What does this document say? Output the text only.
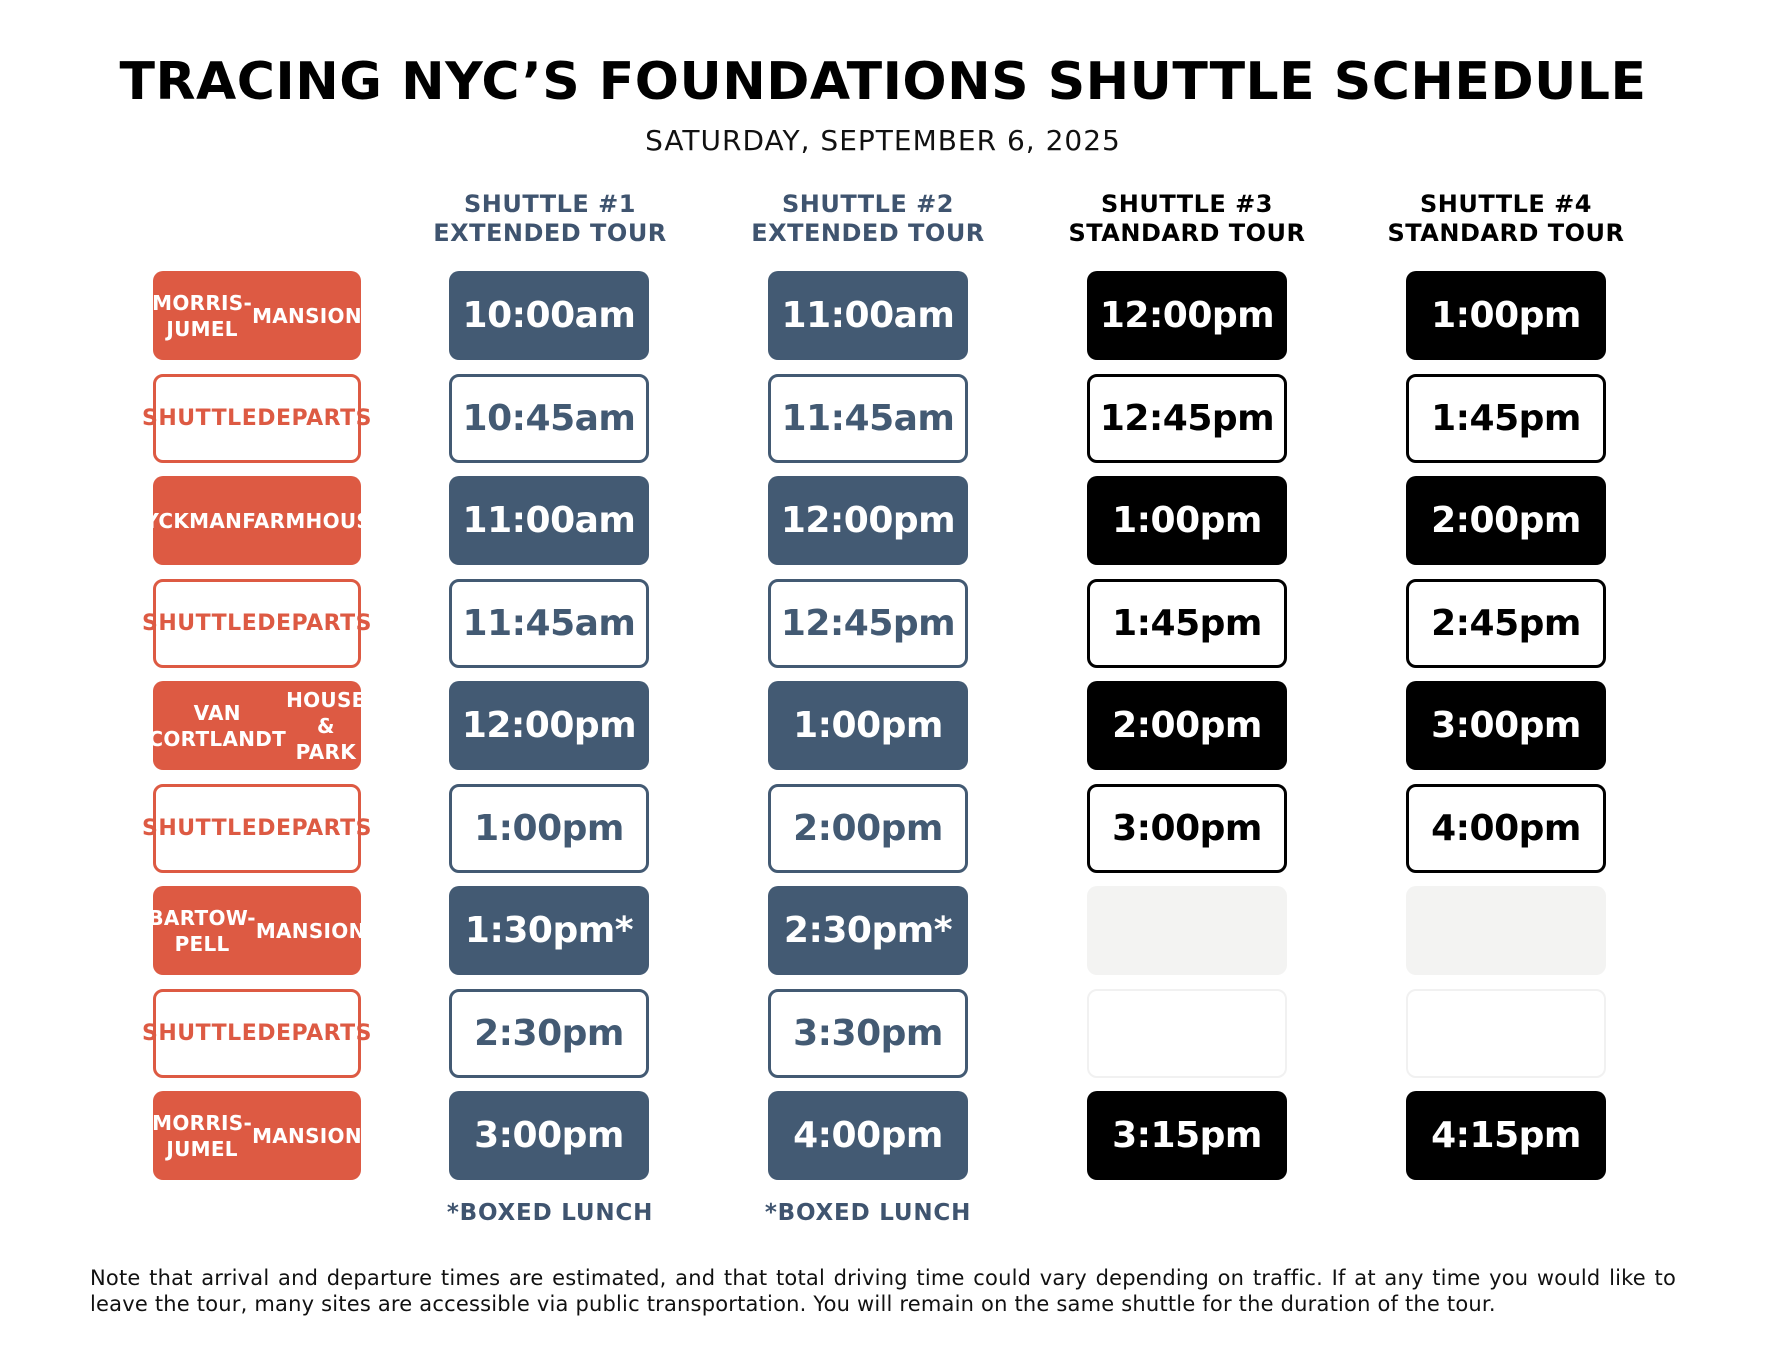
TRACING NYC’S FOUNDATIONS SHUTTLE SCHEDULE
SATURDAY, SEPTEMBER 6, 2025
SHUTTLE #1
EXTENDED TOUR
SHUTTLE #2
EXTENDED TOUR
SHUTTLE #3
STANDARD TOUR
SHUTTLE #4
STANDARD TOUR
MORRIS-JUMEL
MANSION	10:00am	11:00am	12:00pm	1:00pm
SHUTTLE DEPARTS	10:45am	11:45am	12:45pm	1:45pm
DYCKMAN FARMHOUSE	11:00am	12:00pm	1:00pm	2:00pm
SHUTTLE DEPARTS	11:45am	12:45pm	1:45pm	2:45pm
VAN CORTLANDT
HOUSE & PARK
12:00pm	1:00pm	2:00pm	3:00pm
SHUTTLE DEPARTS	1:00pm	2:00pm	3:00pm	4:00pm
BARTOW-PELL
MANSION	1:30pm*	2:30pm*
SHUTTLE DEPARTS	2:30pm	3:30pm
MORRIS-JUMEL
MANSION	3:00pm	4:00pm	3:15pm	4:15pm
*BOXED LUNCH	*BOXED LUNCH
Note that arrival and departure times are estimated, and that total driving time could vary depending on traffic. If at any time you would like to leave the tour, many sites are accessible via public transportation. You will remain on the same shuttle for the duration of the tour.
